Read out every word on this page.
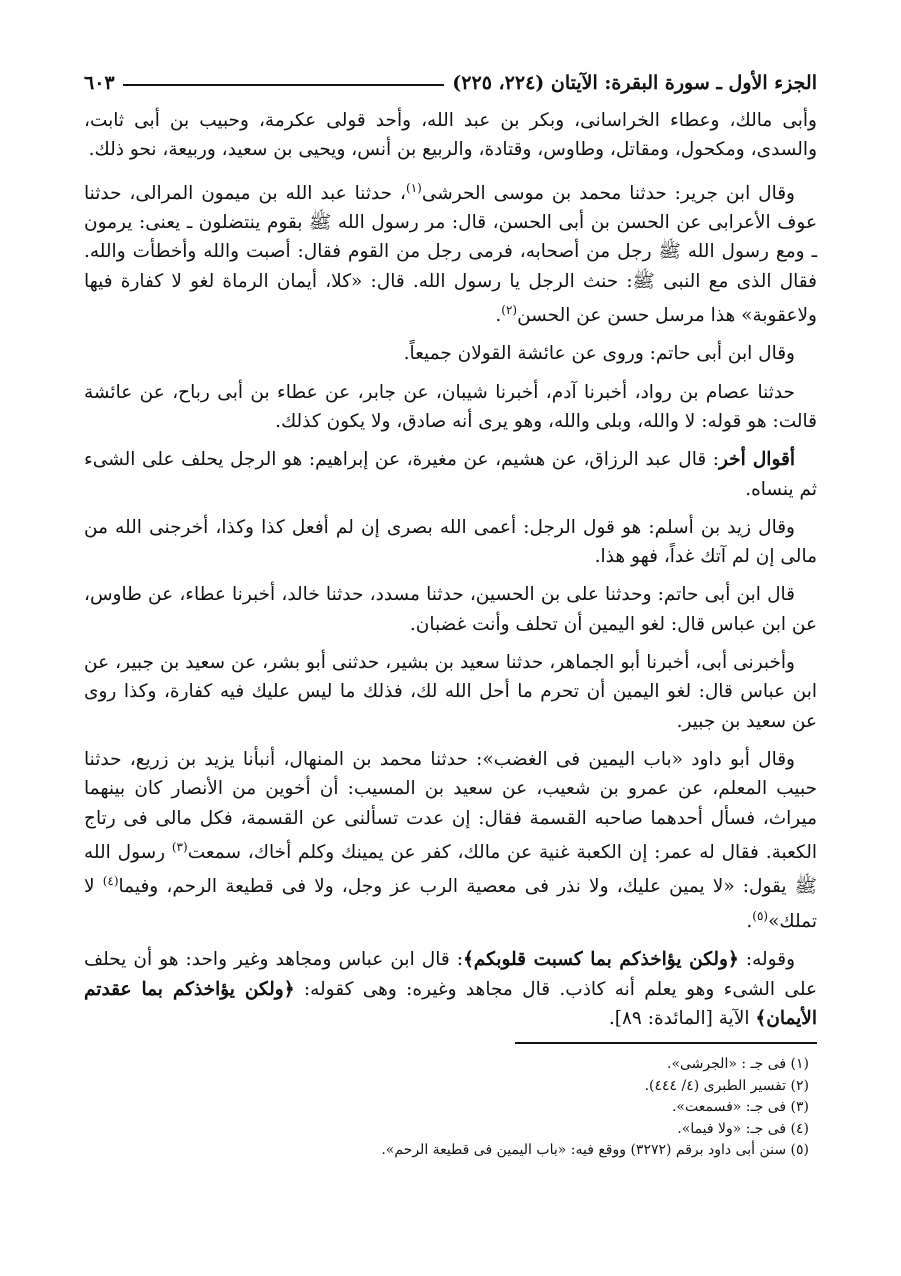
الجزء الأول ـ سورة البقرة: الآيتان (٢٢٤، ٢٢٥)
٦٠٣

وأبى مالك، وعطاء الخراسانى، وبكر بن عبد الله، وأحد قولى عكرمة، وحبيب بن أبى ثابت، والسدى، ومكحول، ومقاتل، وطاوس، وقتادة، والربيع بن أنس، ويحيى بن سعيد، وربيعة، نحو ذلك.

وقال ابن جرير: حدثنا محمد بن موسى الحرشى$^{(١)}$، حدثنا عبد الله بن ميمون المرالى، حدثنا عوف الأعرابى عن الحسن بن أبى الحسن، قال: مر رسول الله ﷺ بقوم ينتضلون ـ يعنى: يرمون ـ ومع رسول الله ﷺ رجل من أصحابه، فرمى رجل من القوم فقال: أصبت والله وأخطأت والله. فقال الذى مع النبى ﷺ: حنث الرجل يا رسول الله. قال: «كلا، أيمان الرماة لغو لا كفارة فيها ولاعقوبة» هذا مرسل حسن عن الحسن$^{(٢)}$.

وقال ابن أبى حاتم: وروى عن عائشة القولان جميعاً.

حدثنا عصام بن رواد، أخبرنا آدم، أخبرنا شيبان، عن جابر، عن عطاء بن أبى رباح، عن عائشة قالت: هو قوله: لا والله، وبلى والله، وهو يرى أنه صادق، ولا يكون كذلك.

أقوال أخر: قال عبد الرزاق، عن هشيم، عن مغيرة، عن إبراهيم: هو الرجل يحلف على الشىء ثم ينساه.

وقال زيد بن أسلم: هو قول الرجل: أعمى الله بصرى إن لم أفعل كذا وكذا، أخرجنى الله من مالى إن لم آتك غداً، فهو هذا.

قال ابن أبى حاتم: وحدثنا على بن الحسين، حدثنا مسدد، حدثنا خالد، أخبرنا عطاء، عن طاوس، عن ابن عباس قال: لغو اليمين أن تحلف وأنت غضبان.

وأخبرنى أبى، أخبرنا أبو الجماهر، حدثنا سعيد بن بشير، حدثنى أبو بشر، عن سعيد بن جبير، عن ابن عباس قال: لغو اليمين أن تحرم ما أحل الله لك، فذلك ما ليس عليك فيه كفارة، وكذا روى عن سعيد بن جبير.

وقال أبو داود «باب اليمين فى الغضب»: حدثنا محمد بن المنهال، أنبأنا يزيد بن زريع، حدثنا حبيب المعلم، عن عمرو بن شعيب، عن سعيد بن المسيب: أن أخوين من الأنصار كان بينهما ميراث، فسأل أحدهما صاحبه القسمة فقال: إن عدت تسألنى عن القسمة، فكل مالى فى رتاج الكعبة. فقال له عمر: إن الكعبة غنية عن مالك، كفر عن يمينك وكلم أخاك، سمعت$^{(٣)}$ رسول الله ﷺ يقول: «لا يمين عليك، ولا نذر فى معصية الرب عز وجل، ولا فى قطيعة الرحم، وفيما$^{(٤)}$ لا تملك»$^{(٥)}$.

وقوله: ﴿ولكن يؤاخذكم بما كسبت قلوبكم﴾: قال ابن عباس ومجاهد وغير واحد: هو أن يحلف على الشىء وهو يعلم أنه كاذب. قال مجاهد وغيره: وهى كقوله: ﴿ولكن يؤاخذكم بما عقدتم الأيمان﴾ الآية [المائدة: ٨٩].

(١) فى جـ : «الجرشى».
(٢) تفسير الطبرى (٤/ ٤٤٤).
(٣) فى جـ: «فسمعت».
(٤) فى جـ: «ولا فيما».
(٥) سنن أبى داود برقم (٣٢٧٢) ووقع فيه: «باب اليمين فى قطيعة الرحم».
